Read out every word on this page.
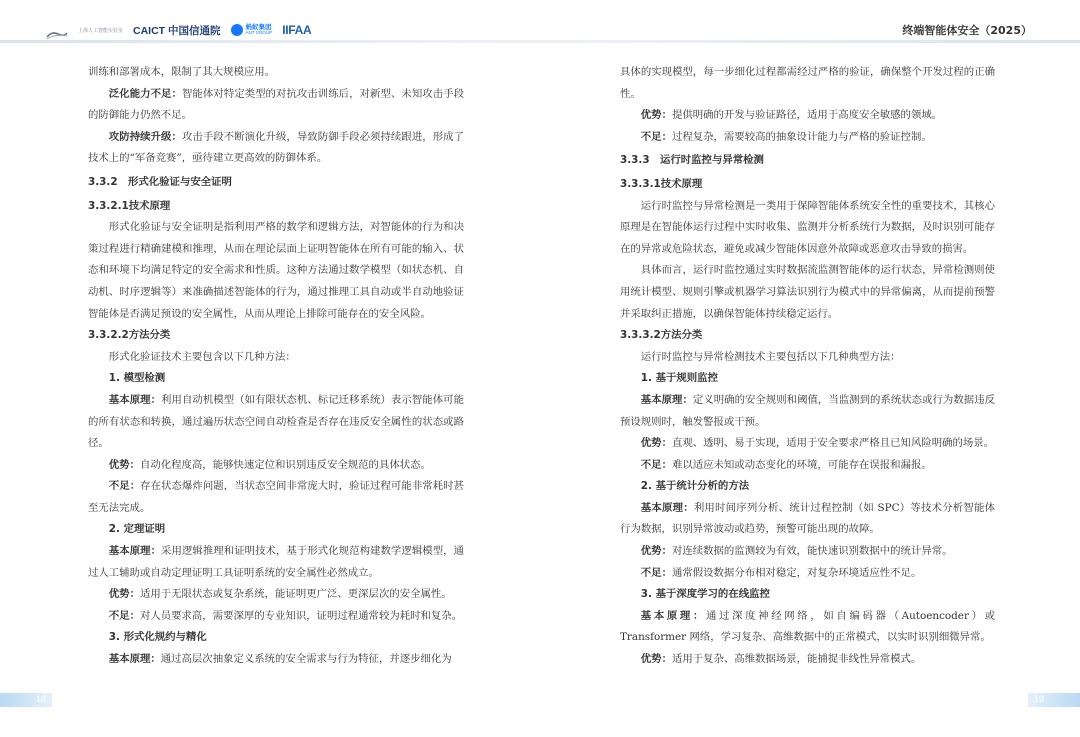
上海人工智能实验室 CAICT 中国信通院	蚂蚁集团
ANT GROUP IIFAA	终端智能体安全（2025）

训练和部署成本，限制了其大规模应用。

泛化能力不足：智能体对特定类型的对抗攻击训练后，对新型、未知攻击手段的防御能力仍然不足。

攻防持续升级：攻击手段不断演化升级，导致防御手段必须持续跟进，形成了技术上的“军备竞赛”，亟待建立更高效的防御体系。

3.3.2 形式化验证与安全证明
3.3.2.1技术原理

形式化验证与安全证明是指利用严格的数学和逻辑方法，对智能体的行为和决策过程进行精确建模和推理，从而在理论层面上证明智能体在所有可能的输入、状态和环境下均满足特定的安全需求和性质。这种方法通过数学模型（如状态机、自动机、时序逻辑等）来准确描述智能体的行为，通过推理工具自动或半自动地验证智能体是否满足预设的安全属性，从而从理论上排除可能存在的安全风险。

3.3.2.2方法分类

形式化验证技术主要包含以下几种方法：

1. 模型检测

基本原理：利用自动机模型（如有限状态机、标记迁移系统）表示智能体可能的所有状态和转换，通过遍历状态空间自动检查是否存在违反安全属性的状态或路径。

优势：自动化程度高，能够快速定位和识别违反安全规范的具体状态。

不足：存在状态爆炸问题，当状态空间非常庞大时，验证过程可能非常耗时甚至无法完成。

2. 定理证明

基本原理：采用逻辑推理和证明技术，基于形式化规范构建数学逻辑模型，通过人工辅助或自动定理证明工具证明系统的安全属性必然成立。

优势：适用于无限状态或复杂系统，能证明更广泛、更深层次的安全属性。

不足：对人员要求高，需要深厚的专业知识，证明过程通常较为耗时和复杂。

3. 形式化规约与精化

基本原理：通过高层次抽象定义系统的安全需求与行为特征，并逐步细化为

具体的实现模型，每一步细化过程都需经过严格的验证，确保整个开发过程的正确性。

优势：提供明确的开发与验证路径，适用于高度安全敏感的领域。

不足：过程复杂，需要较高的抽象设计能力与严格的验证控制。

3.3.3 运行时监控与异常检测
3.3.3.1技术原理

运行时监控与异常检测是一类用于保障智能体系统安全性的重要技术，其核心原理是在智能体运行过程中实时收集、监测并分析系统行为数据，及时识别可能存在的异常或危险状态，避免或减少智能体因意外故障或恶意攻击导致的损害。

具体而言，运行时监控通过实时数据流监测智能体的运行状态，异常检测则使用统计模型、规则引擎或机器学习算法识别行为模式中的异常偏离，从而提前预警并采取纠正措施，以确保智能体持续稳定运行。

3.3.3.2方法分类

运行时监控与异常检测技术主要包括以下几种典型方法：

1. 基于规则监控

基本原理：定义明确的安全规则和阈值，当监测到的系统状态或行为数据违反预设规则时，触发警报或干预。

优势：直观、透明、易于实现，适用于安全要求严格且已知风险明确的场景。

不足：难以适应未知或动态变化的环境，可能存在误报和漏报。

2. 基于统计分析的方法

基本原理：利用时间序列分析、统计过程控制（如 SPC）等技术分析智能体行为数据，识别异常波动或趋势，预警可能出现的故障。

优势：对连续数据的监测较为有效，能快速识别数据中的统计异常。

不足：通常假设数据分布相对稳定，对复杂环境适应性不足。

3. 基于深度学习的在线监控

基本原理：通过深度神经网络，如自编码器（Autoencoder）或 Transformer 网络，学习复杂、高维数据中的正常模式，以实时识别细微异常。

优势：适用于复杂、高维数据场景，能捕捉非线性异常模式。

18	19
